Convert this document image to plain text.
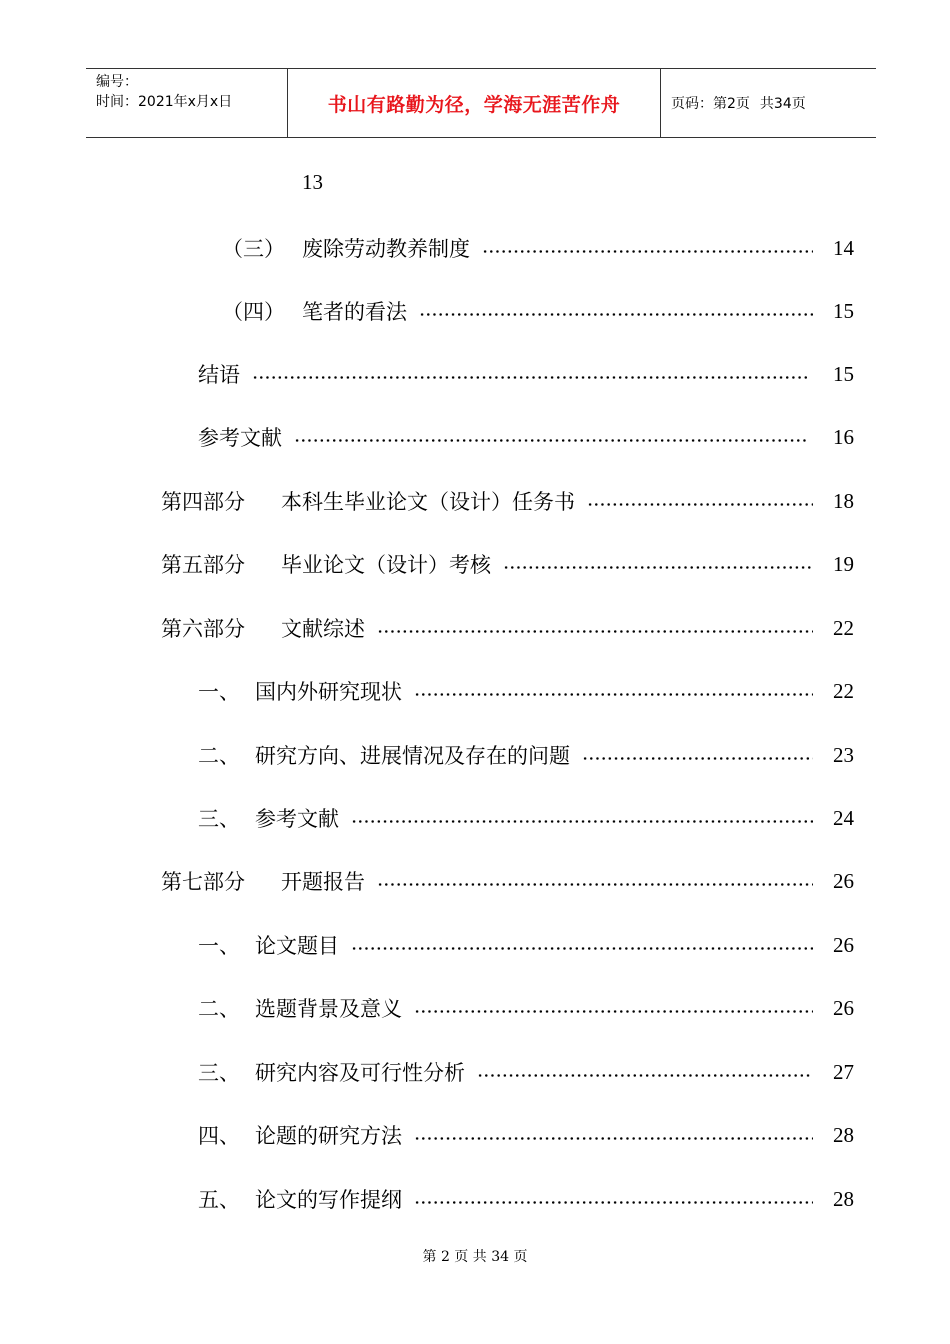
编号：
时间：2021年x月x日	书山有路勤为径，学海无涯苦作舟	页码：第2页 共34页
13
（三） 废除劳动教养制度	14
（四） 笔者的看法	15
结语	15
参考文献	16
第四部分	本科生毕业论文（设计）任务书	18
第五部分	毕业论文（设计）考核	19
第六部分	文献综述	22
一、 国内外研究现状	22
二、 研究方向、进展情况及存在的问题	23
三、 参考文献	24
第七部分	开题报告	26
一、 论文题目	26
二、 选题背景及意义	26
三、 研究内容及可行性分析	27
四、 论题的研究方法	28
五、 论文的写作提纲	28
第 2 页 共 34 页
